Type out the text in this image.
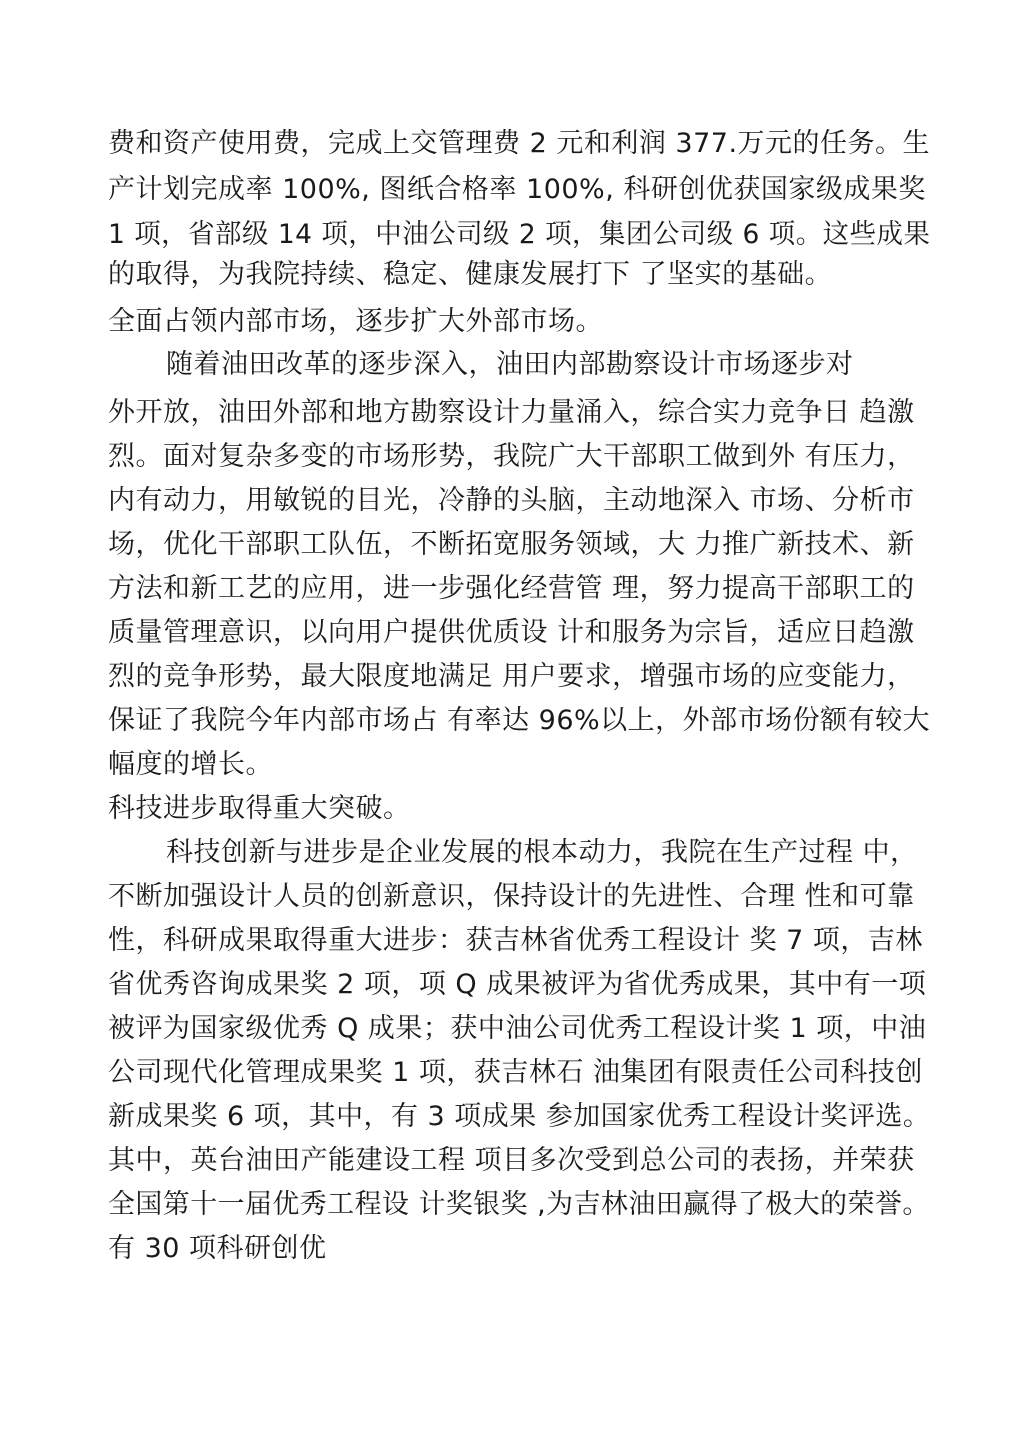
费和资产使用费，完成上交管理费 2 元和利润 377.万元的任务。生
产计划完成率 100%, 图纸合格率 100%, 科研创优获国家级成果奖
1 项，省部级 14 项，中油公司级 2 项，集团公司级 6 项。这些成果
的取得，为我院持续、稳定、健康发展打下 了坚实的基础。
全面占领内部市场，逐步扩大外部市场。
随着油田改革的逐步深入，油田内部勘察设计市场逐步对
外开放，油田外部和地方勘察设计力量涌入，综合实力竞争日 趋激
烈。面对复杂多变的市场形势，我院广大干部职工做到外 有压力，
内有动力，用敏锐的目光，冷静的头脑，主动地深入 市场、分析市
场，优化干部职工队伍，不断拓宽服务领域，大 力推广新技术、新
方法和新工艺的应用，进一步强化经营管 理，努力提高干部职工的
质量管理意识，以向用户提供优质设 计和服务为宗旨，适应日趋激
烈的竞争形势，最大限度地满足 用户要求，增强市场的应变能力，
保证了我院今年内部市场占 有率达 96%以上，外部市场份额有较大
幅度的增长。
科技进步取得重大突破。
科技创新与进步是企业发展的根本动力，我院在生产过程 中，
不断加强设计人员的创新意识，保持设计的先进性、合理 性和可靠
性，科研成果取得重大进步：获吉林省优秀工程设计 奖 7 项，吉林
省优秀咨询成果奖 2 项，项 Q 成果被评为省优秀成果，其中有一项
被评为国家级优秀 Q 成果；获中油公司优秀工程设计奖 1 项，中油
公司现代化管理成果奖 1 项，获吉林石 油集团有限责任公司科技创
新成果奖 6 项，其中，有 3 项成果 参加国家优秀工程设计奖评选。
其中，英台油田产能建设工程 项目多次受到总公司的表扬，并荣获
全国第十一届优秀工程设 计奖银奖 ,为吉林油田赢得了极大的荣誉。
有 30 项科研创优
